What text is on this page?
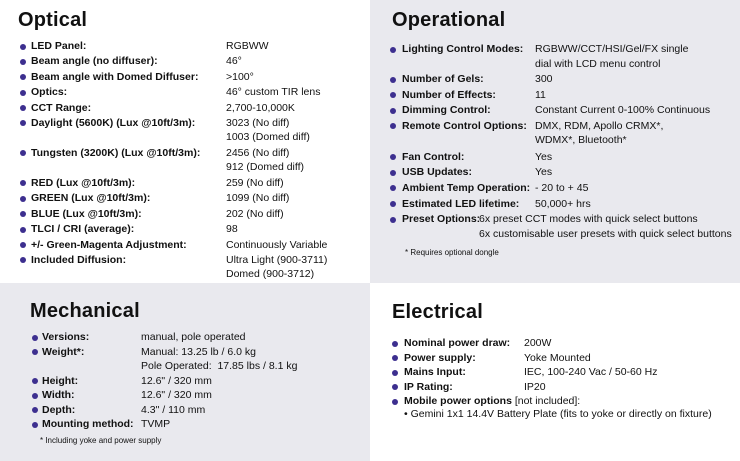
Optical
LED Panel:	RGBWW
Beam angle (no diffuser):	46°
Beam angle with Domed Diffuser:	>100°
Optics:	46° custom TIR lens
CCT Range:	2,700-10,000K
Daylight (5600K) (Lux @10ft/3m):	3023 (No diff)
1003 (Domed diff)
Tungsten (3200K) (Lux @10ft/3m): 2456 (No diff)
912 (Domed diff)
RED (Lux @10ft/3m):	259 (No diff)
GREEN (Lux @10ft/3m):	1099 (No diff)
BLUE (Lux @10ft/3m):	202 (No diff)
TLCI / CRI (average):	98
+/- Green-Magenta Adjustment:	Continuously Variable
Included Diffusion:	Ultra Light (900-3711)
Domed (900-3712)
Operational
Lighting Control Modes: RGBWW/CCT/HSI/Gel/FX single
dial with LCD menu control
Number of Gels:	300
Number of Effects:	11
Dimming Control:	Constant Current 0-100% Continuous
Remote Control Options: DMX, RDM, Apollo CRMX*,
WDMX*, Bluetooth*
Fan Control:	Yes
USB Updates:	Yes
Ambient Temp Operation: - 20 to + 45
Estimated LED lifetime: 50,000+ hrs
Preset Options:
6x preset CCT modes with quick select buttons
6x customisable user presets with quick select buttons

* Requires optional dongle

Mechanical
Versions:	manual, pole operated
Weight*:	Manual: 13.25 lb / 6.0 kg
Pole Operated:  17.85 lbs / 8.1 kg
Height:	12.6" / 320 mm
Width:	12.6" / 320 mm
Depth:	4.3" / 110 mm
Mounting method: TVMP

* Including yoke and power supply

Electrical
Nominal power draw: 200W
Power supply:	Yoke Mounted
Mains Input:	IEC, 100-240 Vac / 50-60 Hz
IP Rating:	IP20
Mobile power options [not included]:
• Gemini 1x1 14.4V Battery Plate (fits to yoke or directly on fixture)
